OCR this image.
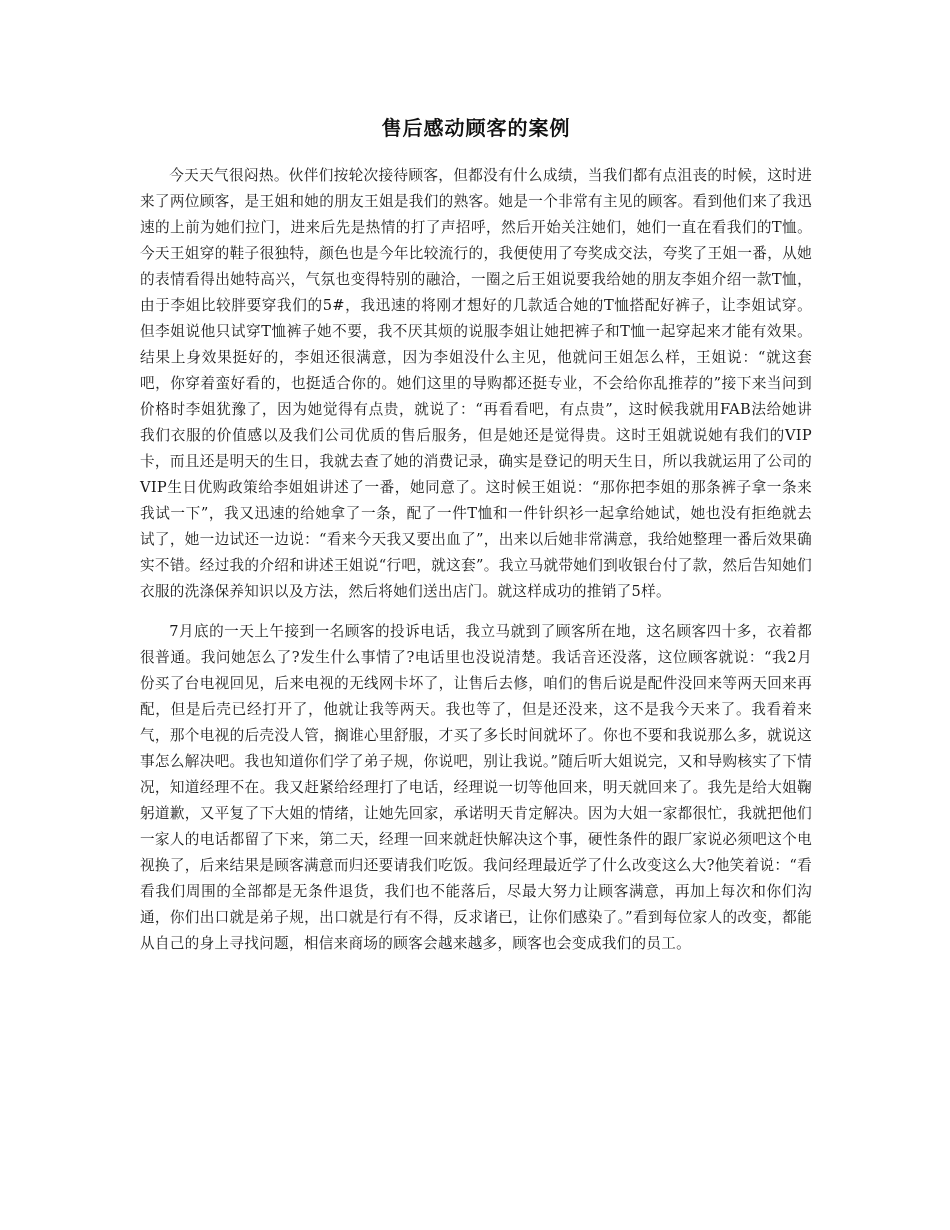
售后感动顾客的案例

今天天气很闷热。伙伴们按轮次接待顾客，但都没有什么成绩，当我们都有点沮丧的时候，这时进来了两位顾客，是王姐和她的朋友王姐是我们的熟客。她是一个非常有主见的顾客。看到他们来了我迅速的上前为她们拉门，进来后先是热情的打了声招呼，然后开始关注她们，她们一直在看我们的T恤。今天王姐穿的鞋子很独特，颜色也是今年比较流行的，我便使用了夸奖成交法，夸奖了王姐一番，从她的表情看得出她特高兴，气氛也变得特别的融洽，一圈之后王姐说要我给她的朋友李姐介绍一款T恤，由于李姐比较胖要穿我们的5#，我迅速的将刚才想好的几款适合她的T恤搭配好裤子，让李姐试穿。但李姐说他只试穿T恤裤子她不要，我不厌其烦的说服李姐让她把裤子和T恤一起穿起来才能有效果。结果上身效果挺好的，李姐还很满意，因为李姐没什么主见，他就问王姐怎么样，王姐说：“就这套吧，你穿着蛮好看的，也挺适合你的。她们这里的导购都还挺专业，不会给你乱推荐的”接下来当问到价格时李姐犹豫了，因为她觉得有点贵，就说了：“再看看吧，有点贵”，这时候我就用FAB法给她讲我们衣服的价值感以及我们公司优质的售后服务，但是她还是觉得贵。这时王姐就说她有我们的VIP卡，而且还是明天的生日，我就去查了她的消费记录，确实是登记的明天生日，所以我就运用了公司的VIP生日优购政策给李姐姐讲述了一番，她同意了。这时候王姐说：“那你把李姐的那条裤子拿一条来我试一下”，我又迅速的给她拿了一条，配了一件T恤和一件针织衫一起拿给她试，她也没有拒绝就去试了，她一边试还一边说：“看来今天我又要出血了”，出来以后她非常满意，我给她整理一番后效果确实不错。经过我的介绍和讲述王姐说“行吧，就这套”。我立马就带她们到收银台付了款，然后告知她们衣服的洗涤保养知识以及方法，然后将她们送出店门。就这样成功的推销了5样。

7月底的一天上午接到一名顾客的投诉电话，我立马就到了顾客所在地，这名顾客四十多，衣着都很普通。我问她怎么了?发生什么事情了?电话里也没说清楚。我话音还没落，这位顾客就说：“我2月份买了台电视回见，后来电视的无线网卡坏了，让售后去修，咱们的售后说是配件没回来等两天回来再配，但是后壳已经打开了，他就让我等两天。我也等了，但是还没来，这不是我今天来了。我看着来气，那个电视的后壳没人管，搁谁心里舒服，才买了多长时间就坏了。你也不要和我说那么多，就说这事怎么解决吧。我也知道你们学了弟子规，你说吧，别让我说。”随后听大姐说完，又和导购核实了下情况，知道经理不在。我又赶紧给经理打了电话，经理说一切等他回来，明天就回来了。我先是给大姐鞠躬道歉，又平复了下大姐的情绪，让她先回家，承诺明天肯定解决。因为大姐一家都很忙，我就把他们一家人的电话都留了下来，第二天，经理一回来就赶快解决这个事，硬性条件的跟厂家说必须吧这个电视换了，后来结果是顾客满意而归还要请我们吃饭。我问经理最近学了什么改变这么大?他笑着说：“看看我们周围的全部都是无条件退货，我们也不能落后，尽最大努力让顾客满意，再加上每次和你们沟通，你们出口就是弟子规，出口就是行有不得，反求诸已，让你们感染了。”看到每位家人的改变，都能从自己的身上寻找问题，相信来商场的顾客会越来越多，顾客也会变成我们的员工。
